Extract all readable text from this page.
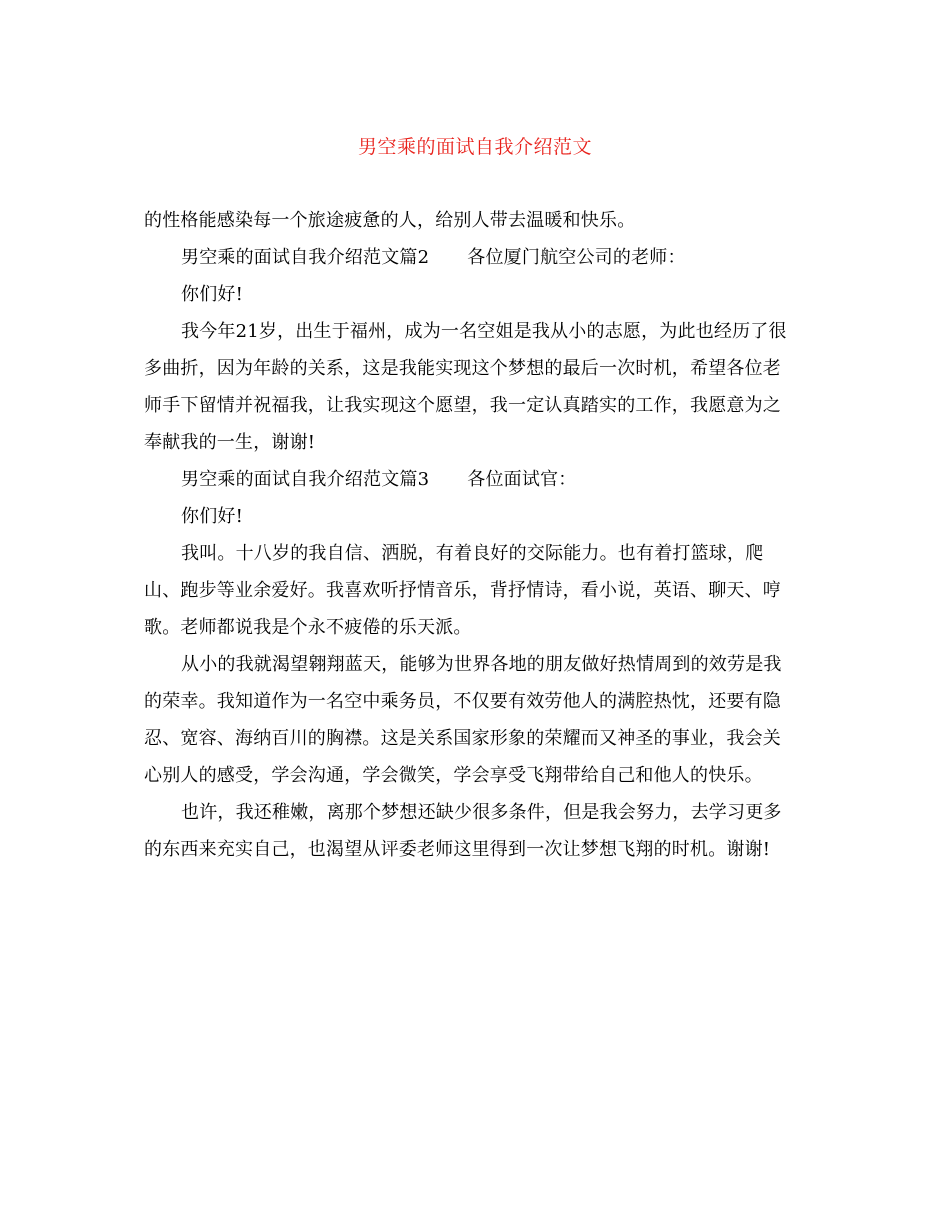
男空乘的面试自我介绍范文
的性格能感染每一个旅途疲惫的人，给别人带去温暖和快乐。
男空乘的面试自我介绍范文篇2 各位厦门航空公司的老师：
你们好!
我今年21岁，出生于福州，成为一名空姐是我从小的志愿，为此也经历了很
多曲折，因为年龄的关系，这是我能实现这个梦想的最后一次时机，希望各位老
师手下留情并祝福我，让我实现这个愿望，我一定认真踏实的工作，我愿意为之
奉献我的一生，谢谢!
男空乘的面试自我介绍范文篇3 各位面试官：
你们好!
我叫。十八岁的我自信、洒脱，有着良好的交际能力。也有着打篮球，爬
山、跑步等业余爱好。我喜欢听抒情音乐，背抒情诗，看小说，英语、聊天、哼
歌。老师都说我是个永不疲倦的乐天派。
从小的我就渴望翱翔蓝天，能够为世界各地的朋友做好热情周到的效劳是我
的荣幸。我知道作为一名空中乘务员，不仅要有效劳他人的满腔热忱，还要有隐
忍、宽容、海纳百川的胸襟。这是关系国家形象的荣耀而又神圣的事业，我会关
心别人的感受，学会沟通，学会微笑，学会享受飞翔带给自己和他人的快乐。
也许，我还稚嫩，离那个梦想还缺少很多条件，但是我会努力，去学习更多
的东西来充实自己，也渴望从评委老师这里得到一次让梦想飞翔的时机。谢谢!
